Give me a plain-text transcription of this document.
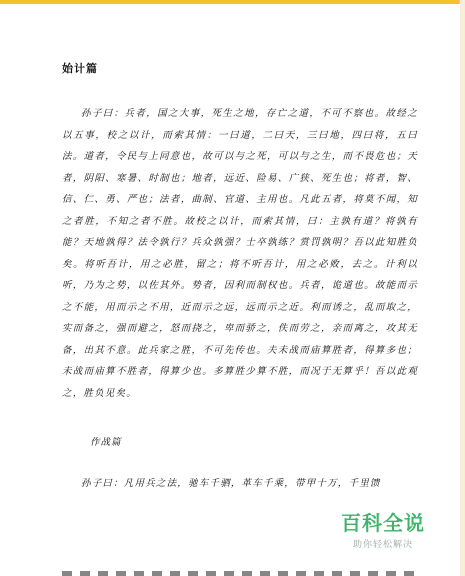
始计篇

孙子曰：兵者，国之大事，死生之地，存亡之道，不可不察也。故经之以五事，校之以计，而索其情：一曰道，二曰天，三曰地，四曰将，五曰法。道者，令民与上同意也，故可以与之死，可以与之生，而不畏危也；天者，阴阳、寒暑、时制也；地者，远近、险易、广狭、死生也；将者，智、信、仁、勇、严也；法者，曲制、官道、主用也。凡此五者，将莫不闻，知之者胜，不知之者不胜。故校之以计，而索其情，曰：主孰有道？将孰有能？天地孰得？法令孰行？兵众孰强？士卒孰练？赏罚孰明？吾以此知胜负矣。将听吾计，用之必胜，留之；将不听吾计，用之必败，去之。计利以听，乃为之势，以佐其外。势者，因利而制权也。兵者，诡道也。故能而示之不能，用而示之不用，近而示之远，远而示之近。利而诱之，乱而取之，实而备之，强而避之，怒而挠之，卑而骄之，佚而劳之，亲而离之，攻其无备，出其不意。此兵家之胜，不可先传也。夫未战而庙算胜者，得算多也；未战而庙算不胜者，得算少也。多算胜少算不胜，而况于无算乎！吾以此观之，胜负见矣。

作战篇

孙子曰：凡用兵之法，驰车千驷，革车千乘，带甲十万，千里馈

百科全说
助你轻松解决
